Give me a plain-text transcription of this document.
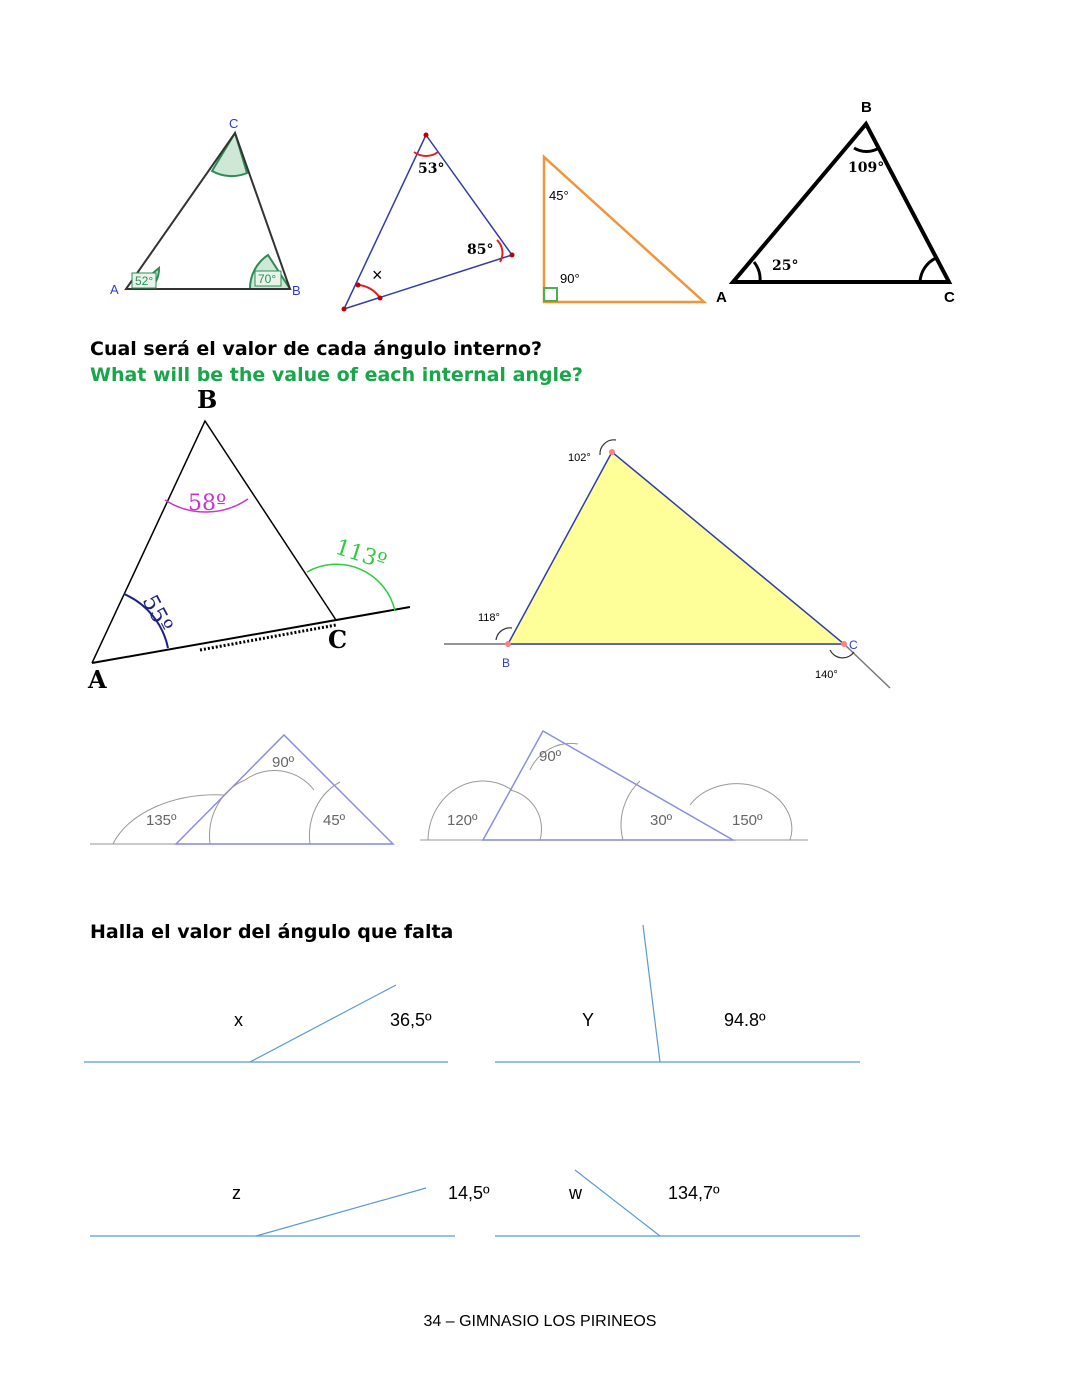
A	B
C
52°	70°
53°
85°
×
45°
90°
B
A	C
109°
25°
B
A
C
58º
55º
113º
102°
118°
B
C
140°
135º
90º
45º	120º
90º
30º	150º
x	36,5º	Y	94.8º
z	14,5º	w	134,7º
Cual será el valor de cada ángulo interno?
What will be the value of each internal angle?
Halla el valor del ángulo que falta
34 – GIMNASIO LOS PIRINEOS
